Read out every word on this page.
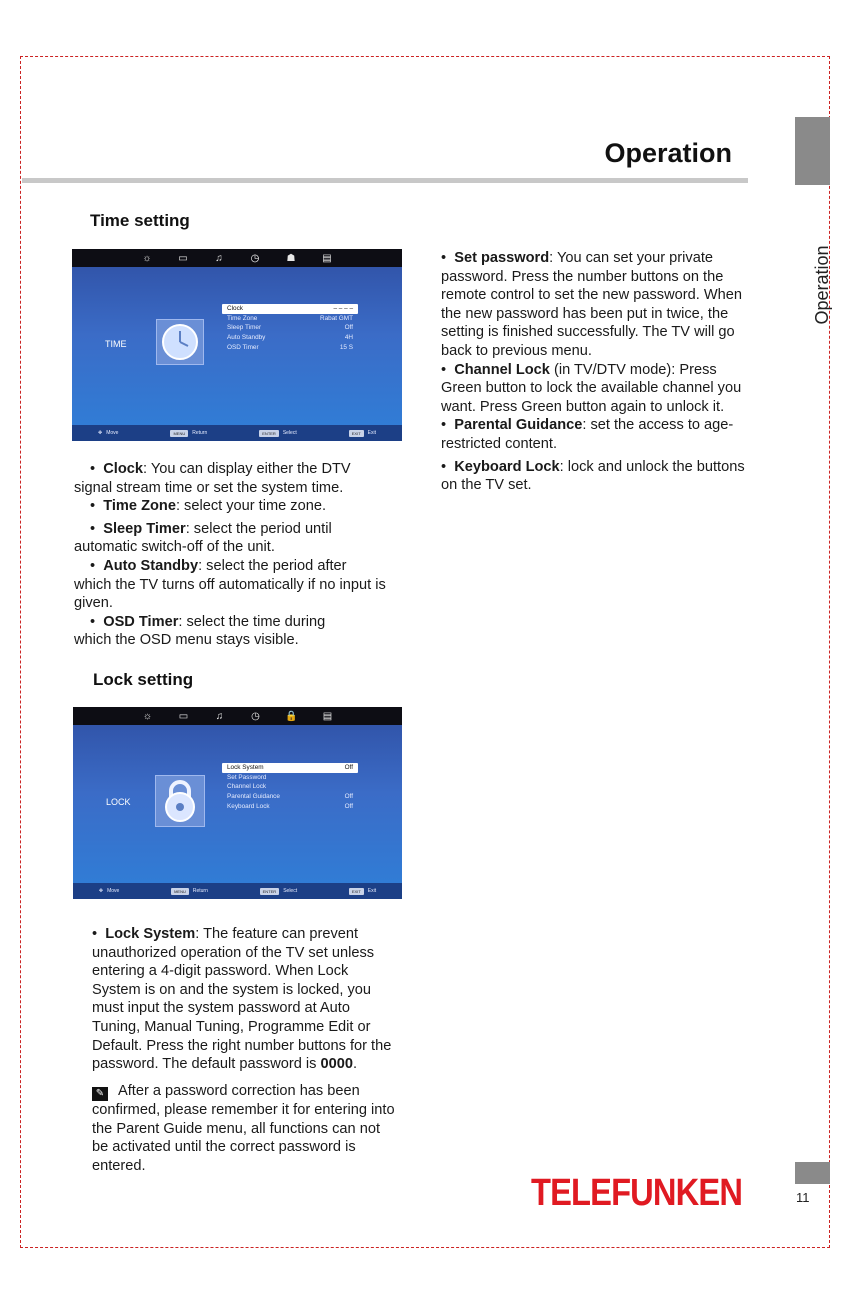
Operation
Operation
Time setting
☼	▭	♫	◷	☗	▤
TIME
Clock	– – – –
Time Zone	Rabat GMT
Sleep Timer	Off
Auto Standby	4H
OSD Timer	15 S
✥ Move	MENU	Return	ENTER	Select	EXIT	Exit

•  Clock: You can display either the DTV

signal stream time or set the system time.

•  Time Zone: select your time zone.

•  Sleep Timer: select the period until

automatic switch-off of the unit.

•  Auto Standby: select the period after

which the TV turns off automatically if no input is given.

•  OSD Timer: select the time during

which the OSD menu stays visible.

Lock setting
☼	▭	♫	◷	🔒	▤
LOCK
Lock System	Off
Set Password
Channel Lock
Parental Guidance	Off
Keyboard Lock	Off
✥ Move	MENU	Return	ENTER	Select	EXIT	Exit

•  Lock System: The feature can prevent unauthorized operation of the TV set unless entering a 4-digit password. When Lock System is on and the system is locked, you must input the system password at Auto Tuning, Manual Tuning, Programme Edit or Default. Press the right number buttons for the password. The default password is 0000.

✎ After a password correction has been confirmed, please remember it for entering into the Parent Guide menu, all functions can not be activated until the correct password is entered.

•  Set password: You can set your private password. Press the number buttons on the remote control to set the new password. When the new password has been put in twice, the setting is finished successfully. The TV will go back to previous menu.

•  Channel Lock (in TV/DTV mode): Press Green button to lock the available channel you want. Press Green button again to unlock it.

•  Parental Guidance: set the access to age-restricted content.

•  Keyboard Lock: lock and unlock the buttons on the TV set.

TELEFUNKEN	11
